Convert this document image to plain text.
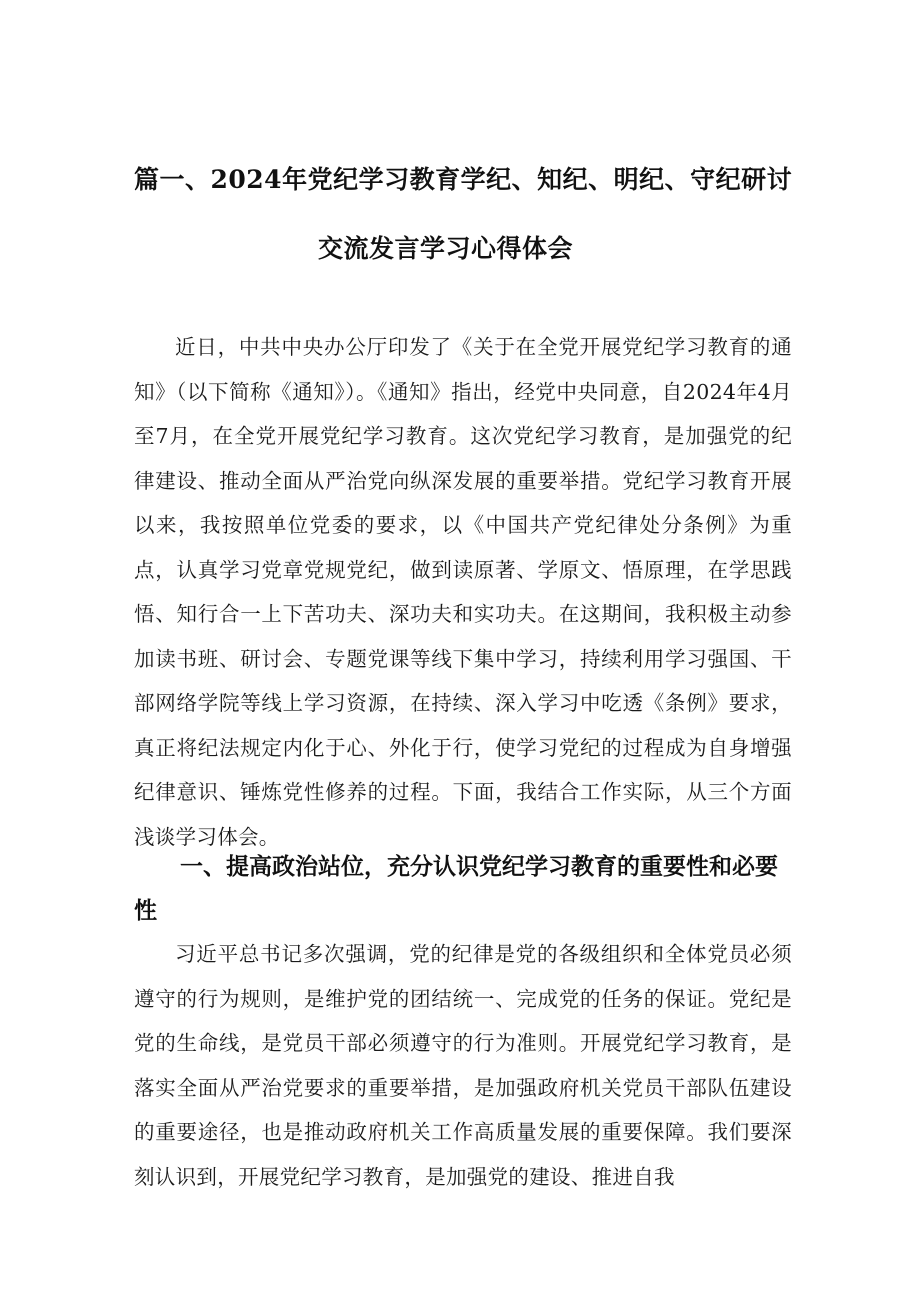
篇一、2024年党纪学习教育学纪、知纪、明纪、守纪研讨
交流发言学习心得体会

近日，中共中央办公厅印发了《关于在全党开展党纪学习教育的通知》（以下简称《通知》）。《通知》指出，经党中央同意，自2024年4月至7月，在全党开展党纪学习教育。这次党纪学习教育，是加强党的纪律建设、推动全面从严治党向纵深发展的重要举措。党纪学习教育开展以来，我按照单位党委的要求，以《中国共产党纪律处分条例》为重点，认真学习党章党规党纪，做到读原著、学原文、悟原理，在学思践悟、知行合一上下苦功夫、深功夫和实功夫。在这期间，我积极主动参加读书班、研讨会、专题党课等线下集中学习，持续利用学习强国、干部网络学院等线上学习资源，在持续、深入学习中吃透《条例》要求，真正将纪法规定内化于心、外化于行，使学习党纪的过程成为自身增强纪律意识、锤炼党性修养的过程。下面，我结合工作实际，从三个方面浅谈学习体会。

一、提高政治站位，充分认识党纪学习教育的重要性和必要性

习近平总书记多次强调，党的纪律是党的各级组织和全体党员必须遵守的行为规则，是维护党的团结统一、完成党的任务的保证。党纪是党的生命线，是党员干部必须遵守的行为准则。开展党纪学习教育，是落实全面从严治党要求的重要举措，是加强政府机关党员干部队伍建设的重要途径，也是推动政府机关工作高质量发展的重要保障。我们要深刻认识到，开展党纪学习教育，是加强党的建设、推进自我
